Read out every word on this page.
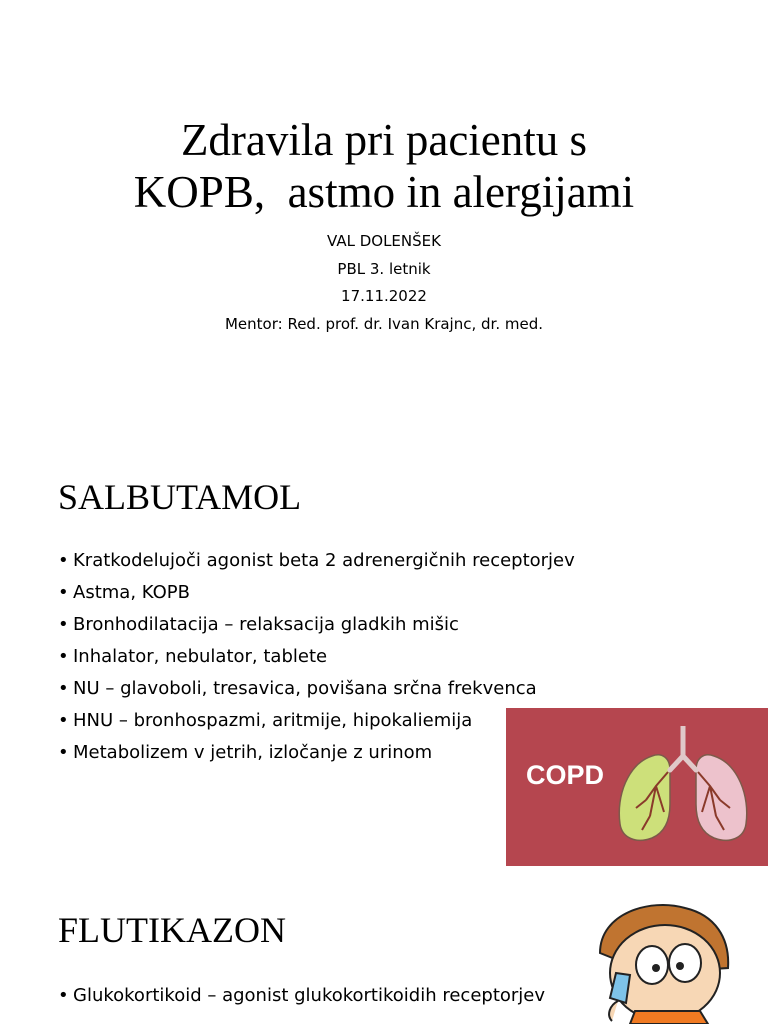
Zdravila pri pacientu s
KOPB,  astmo in alergijami
VAL DOLENŠEK
PBL 3. letnik
17.11.2022
Mentor: Red. prof. dr. Ivan Krajnc, dr. med.
SALBUTAMOL
• Kratkodelujoči agonist beta 2 adrenergičnih receptorjev
• Astma, KOPB
• Bronhodilatacija – relaksacija gladkih mišic
• Inhalator, nebulator, tablete
• NU – glavoboli, tresavica, povišana srčna frekvenca
• HNU – bronhospazmi, aritmije, hipokaliemija
• Metabolizem v jetrih, izločanje z urinom
COPD
FLUTIKAZON
• Glukokortikoid – agonist glukokortikoidih receptorjev
